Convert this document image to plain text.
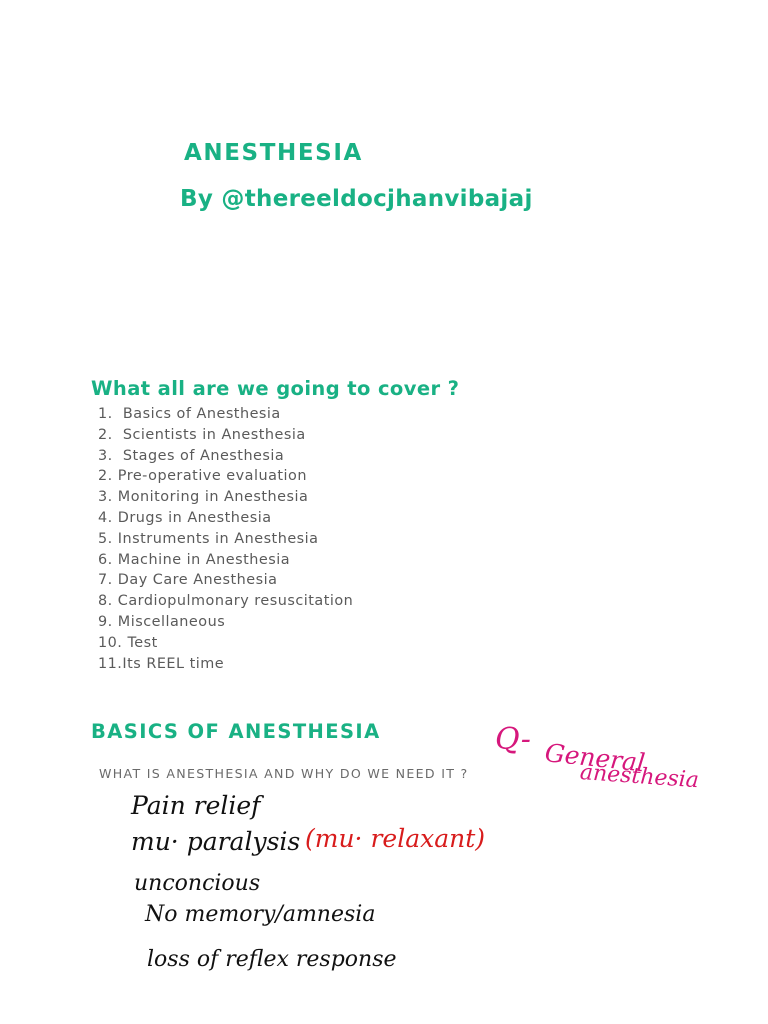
ANESTHESIA
By @thereeldocjhanvibajaj
What all are we going to cover ?
1.  Basics of Anesthesia
2.  Scientists in Anesthesia
3.  Stages of Anesthesia
2. Pre-operative evaluation
3. Monitoring in Anesthesia
4. Drugs in Anesthesia
5. Instruments in Anesthesia
6. Machine in Anesthesia
7. Day Care Anesthesia
8. Cardiopulmonary resuscitation
9. Miscellaneous
10. Test
11.Its REEL time
BASICS OF ANESTHESIA

WHAT IS ANESTHESIA AND WHY DO WE NEED IT ?

Q- General

anesthesia

Pain relief

mu· paralysis (mu· relaxant)

unconcious

No memory/amnesia

loss of reflex response
